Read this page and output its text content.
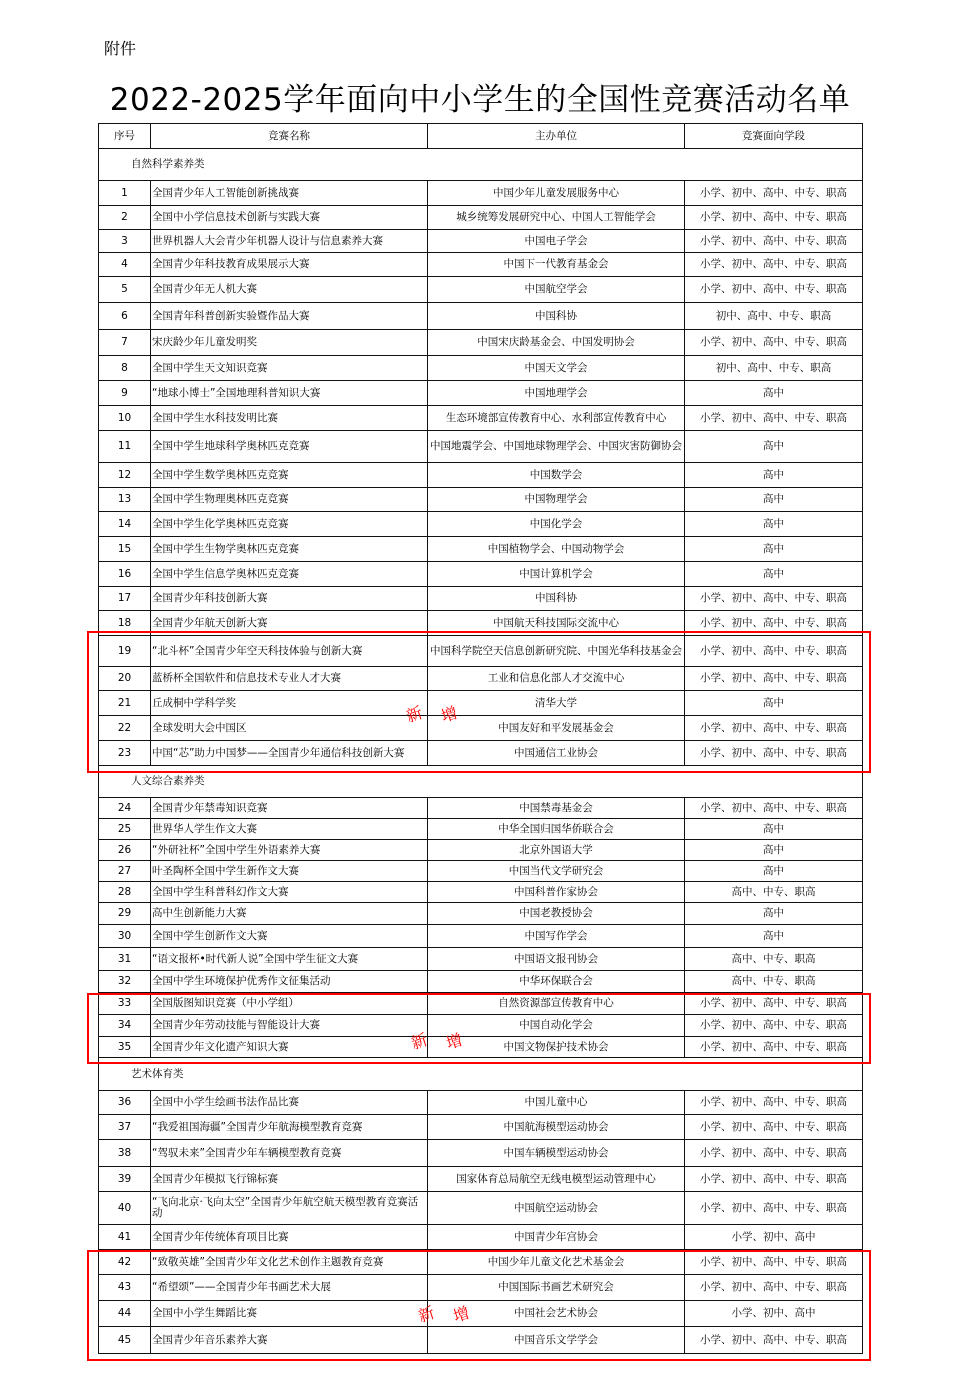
附件
2022-2025学年面向中小学生的全国性竞赛活动名单
序号	竞赛名称	主办单位	竞赛面向学段
自然科学素养类			
1	全国青少年人工智能创新挑战赛	中国少年儿童发展服务中心	小学、初中、高中、中专、职高
2	全国中小学信息技术创新与实践大赛	城乡统筹发展研究中心、中国人工智能学会	小学、初中、高中、中专、职高
3	世界机器人大会青少年机器人设计与信息素养大赛	中国电子学会	小学、初中、高中、中专、职高
4	全国青少年科技教育成果展示大赛	中国下一代教育基金会	小学、初中、高中、中专、职高
5	全国青少年无人机大赛	中国航空学会	小学、初中、高中、中专、职高
6	全国青年科普创新实验暨作品大赛	中国科协	初中、高中、中专、职高
7	宋庆龄少年儿童发明奖	中国宋庆龄基金会、中国发明协会	小学、初中、高中、中专、职高
8	全国中学生天文知识竞赛	中国天文学会	初中、高中、中专、职高
9	“地球小博士”全国地理科普知识大赛	中国地理学会	高中
10	全国中学生水科技发明比赛	生态环境部宣传教育中心、水利部宣传教育中心	小学、初中、高中、中专、职高
11	全国中学生地球科学奥林匹克竞赛	中国地震学会、中国地球物理学会、中国灾害防御协会	高中
12	全国中学生数学奥林匹克竞赛	中国数学会	高中
13	全国中学生物理奥林匹克竞赛	中国物理学会	高中
14	全国中学生化学奥林匹克竞赛	中国化学会	高中
15	全国中学生生物学奥林匹克竞赛	中国植物学会、中国动物学会	高中
16	全国中学生信息学奥林匹克竞赛	中国计算机学会	高中
17	全国青少年科技创新大赛	中国科协	小学、初中、高中、中专、职高
18	全国青少年航天创新大赛	中国航天科技国际交流中心	小学、初中、高中、中专、职高
19	“北斗杯”全国青少年空天科技体验与创新大赛	中国科学院空天信息创新研究院、中国光华科技基金会	小学、初中、高中、中专、职高
20	蓝桥杯全国软件和信息技术专业人才大赛	工业和信息化部人才交流中心	小学、初中、高中、中专、职高
21	丘成桐中学科学奖	清华大学	高中
22	全球发明大会中国区	中国友好和平发展基金会	小学、初中、高中、中专、职高
23	中国“芯”助力中国梦——全国青少年通信科技创新大赛	中国通信工业协会	小学、初中、高中、中专、职高
人文综合素养类			
24	全国青少年禁毒知识竞赛	中国禁毒基金会	小学、初中、高中、中专、职高
25	世界华人学生作文大赛	中华全国归国华侨联合会	高中
26	“外研社杯”全国中学生外语素养大赛	北京外国语大学	高中
27	叶圣陶杯全国中学生新作文大赛	中国当代文学研究会	高中
28	全国中学生科普科幻作文大赛	中国科普作家协会	高中、中专、职高
29	高中生创新能力大赛	中国老教授协会	高中
30	全国中学生创新作文大赛	中国写作学会	高中
31	“语文报杯•时代新人说”全国中学生征文大赛	中国语文报刊协会	高中、中专、职高
32	全国中学生环境保护优秀作文征集活动	中华环保联合会	高中、中专、职高
33	全国版图知识竞赛（中小学组）	自然资源部宣传教育中心	小学、初中、高中、中专、职高
34	全国青少年劳动技能与智能设计大赛	中国自动化学会	小学、初中、高中、中专、职高
35	全国青少年文化遗产知识大赛	中国文物保护技术协会	小学、初中、高中、中专、职高
艺术体育类			
36	全国中小学生绘画书法作品比赛	中国儿童中心	小学、初中、高中、中专、职高
37	“我爱祖国海疆”全国青少年航海模型教育竞赛	中国航海模型运动协会	小学、初中、高中、中专、职高
38	“驾驭未来”全国青少年车辆模型教育竞赛	中国车辆模型运动协会	小学、初中、高中、中专、职高
39	全国青少年模拟飞行锦标赛	国家体育总局航空无线电模型运动管理中心	小学、初中、高中、中专、职高
40	“飞向北京·飞向太空”全国青少年航空航天模型教育竞赛活动	中国航空运动协会	小学、初中、高中、中专、职高
41	全国青少年传统体育项目比赛	中国青少年宫协会	小学、初中、高中
42	“致敬英雄”全国青少年文化艺术创作主题教育竞赛	中国少年儿童文化艺术基金会	小学、初中、高中、中专、职高
43	“希望颂”——全国青少年书画艺术大展	中国国际书画艺术研究会	小学、初中、高中、中专、职高
44	全国中小学生舞蹈比赛	中国社会艺术协会	小学、初中、高中
45	全国青少年音乐素养大赛	中国音乐文学学会	小学、初中、高中、中专、职高
新 增
新 增
新 增
